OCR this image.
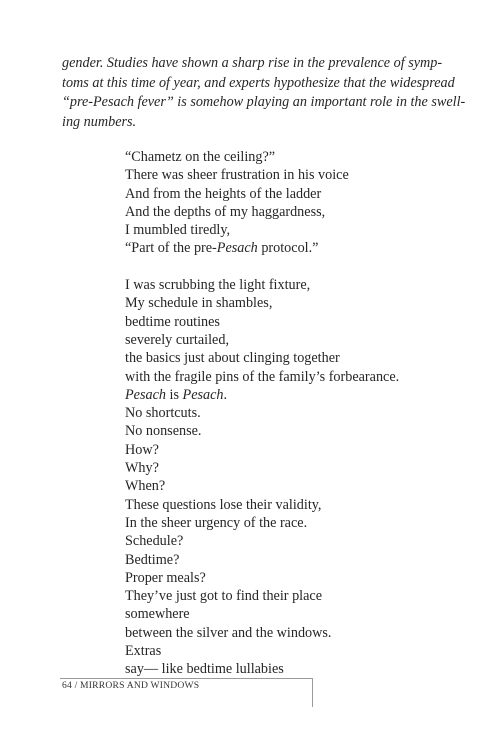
gender. Studies have shown a sharp rise in the prevalence of symp-
toms at this time of year, and experts hypothesize that the widespread
“pre-Pesach fever” is somehow playing an important role in the swell-
ing numbers.

“Chametz on the ceiling?”
There was sheer frustration in his voice
And from the heights of the ladder
And the depths of my haggardness,
I mumbled tiredly,
“Part of the pre-Pesach protocol.”
I was scrubbing the light fixture,
My schedule in shambles,
bedtime routines
severely curtailed,
the basics just about clinging together
with the fragile pins of the family’s forbearance.
Pesach is Pesach.
No shortcuts.
No nonsense.
How?
Why?
When?
These questions lose their validity,
In the sheer urgency of the race.
Schedule?
Bedtime?
Proper meals?
They’ve just got to find their place
somewhere
between the silver and the windows.
Extras
say— like bedtime lullabies
64 / MIRRORS AND WINDOWS
